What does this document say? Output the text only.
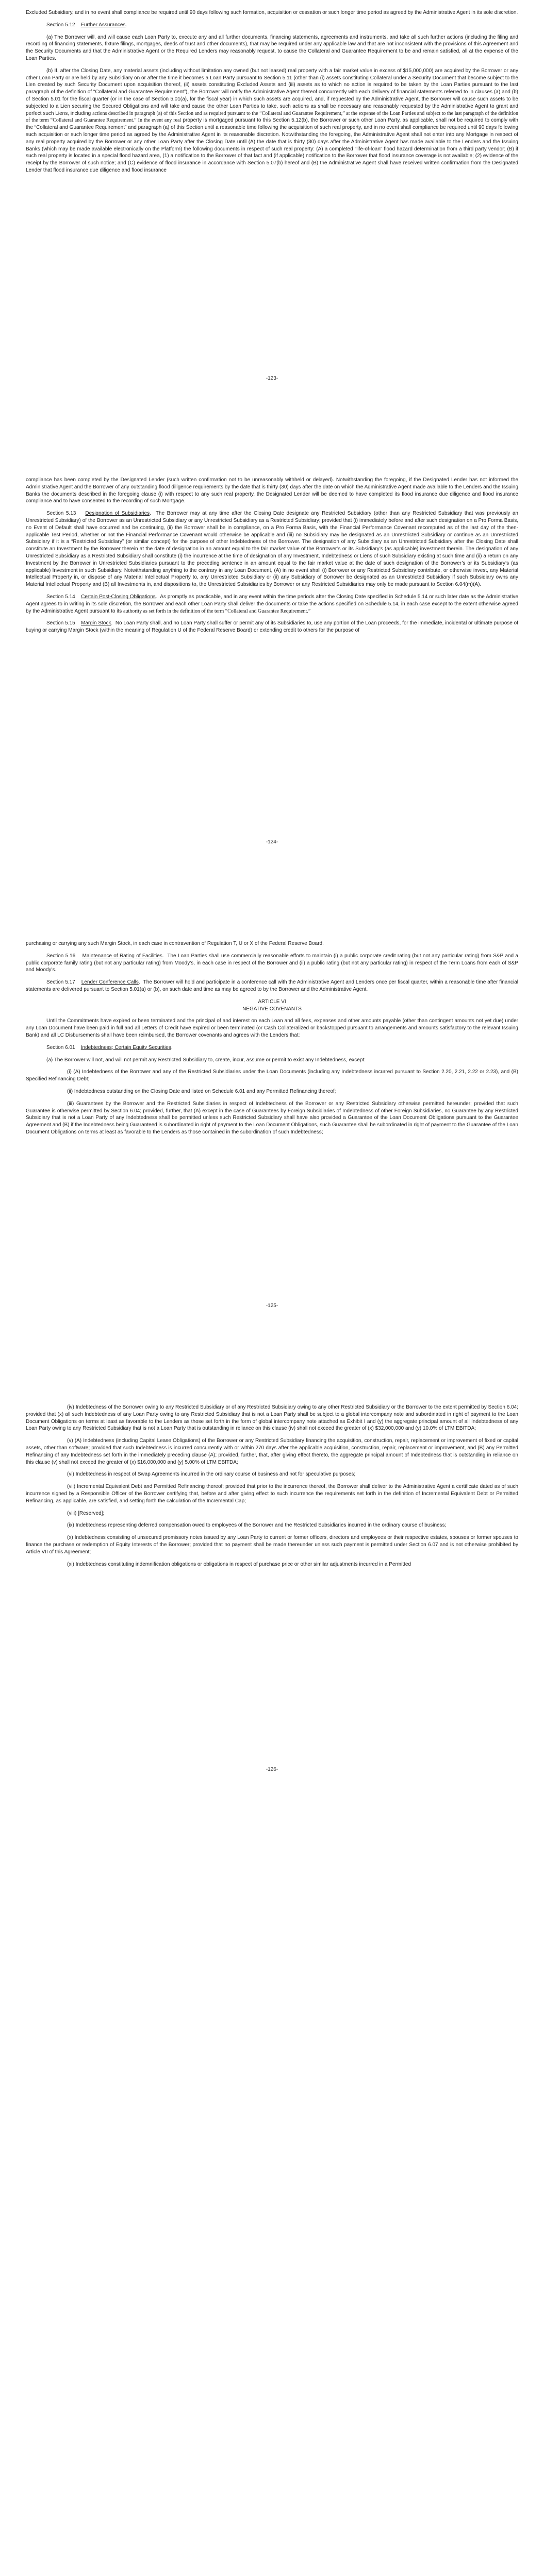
Excluded Subsidiary, and in no event shall compliance be required until 90 days following such formation, acquisition or cessation or such longer time period as agreed by the Administrative Agent in its sole discretion.

Section 5.12 Further Assurances.

(a) The Borrower will, and will cause each Loan Party to, execute any and all further documents, financing statements, agreements and instruments, and take all such further actions (including the filing and recording of financing statements, fixture filings, mortgages, deeds of trust and other documents), that may be required under any applicable law and that are not inconsistent with the provisions of this Agreement and the Security Documents and that the Administrative Agent or the Required Lenders may reasonably request, to cause the Collateral and Guarantee Requirement to be and remain satisfied, all at the expense of the Loan Parties.

(b) If, after the Closing Date, any material assets (including without limitation any owned (but not leased) real property with a fair market value in excess of $15,000,000) are acquired by the Borrower or any other Loan Party or are held by any Subsidiary on or after the time it becomes a Loan Party pursuant to Section 5.11 (other than (i) assets constituting Collateral under a Security Document that become subject to the Lien created by such Security Document upon acquisition thereof, (ii) assets constituting Excluded Assets and (iii) assets as to which no action is required to be taken by the Loan Parties pursuant to the last paragraph of the definition of “Collateral and Guarantee Requirement”), the Borrower will notify the Administrative Agent thereof concurrently with each delivery of financial statements referred to in clauses (a) and (b) of Section 5.01 for the fiscal quarter (or in the case of Section 5.01(a), for the fiscal year) in which such assets are acquired, and, if requested by the Administrative Agent, the Borrower will cause such assets to be subjected to a Lien securing the Secured Obligations and will take and cause the other Loan Parties to take, such actions as shall be necessary and reasonably requested by the Administrative Agent to grant and perfect such Liens, including actions described in paragraph (a) of this Section and as required pursuant to the “Collateral and Guarantee Requirement,” at the expense of the Loan Parties and subject to the last paragraph of the definition of the term “Collateral and Guarantee Requirement.” In the event any real property is mortgaged pursuant to this Section 5.12(b), the Borrower or such other Loan Party, as applicable, shall not be required to comply with the “Collateral and Guarantee Requirement” and paragraph (a) of this Section until a reasonable time following the acquisition of such real property, and in no event shall compliance be required until 90 days following such acquisition or such longer time period as agreed by the Administrative Agent in its reasonable discretion. Notwithstanding the foregoing, the Administrative Agent shall not enter into any Mortgage in respect of any real property acquired by the Borrower or any other Loan Party after the Closing Date until (A) the date that is thirty (30) days after the Administrative Agent has made available to the Lenders and the Issuing Banks (which may be made available electronically on the Platform) the following documents in respect of such real property: (A) a completed “life-of-loan” flood hazard determination from a third party vendor; (B) if such real property is located in a special flood hazard area, (1) a notification to the Borrower of that fact and (if applicable) notification to the Borrower that flood insurance coverage is not available; (2) evidence of the receipt by the Borrower of such notice; and (C) evidence of flood insurance in accordance with Section 5.07(b) hereof and (B) the Administrative Agent shall have received written confirmation from the Designated Lender that flood insurance due diligence and flood insurance

-123-

compliance has been completed by the Designated Lender (such written confirmation not to be unreasonably withheld or delayed). Notwithstanding the foregoing, if the Designated Lender has not informed the Administrative Agent and the Borrower of any outstanding flood diligence requirements by the date that is thirty (30) days after the date on which the Administrative Agent made available to the Lenders and the Issuing Banks the documents described in the foregoing clause (i) with respect to any such real property, the Designated Lender will be deemed to have completed its flood insurance due diligence and flood insurance compliance and to have consented to the recording of such Mortgage.

Section 5.13 Designation of Subsidiaries.  The Borrower may at any time after the Closing Date designate any Restricted Subsidiary (other than any Restricted Subsidiary that was previously an Unrestricted Subsidiary) of the Borrower as an Unrestricted Subsidiary or any Unrestricted Subsidiary as a Restricted Subsidiary; provided that (i) immediately before and after such designation on a Pro Forma Basis, no Event of Default shall have occurred and be continuing, (ii) the Borrower shall be in compliance, on a Pro Forma Basis, with the Financial Performance Covenant recomputed as of the last day of the then-applicable Test Period, whether or not the Financial Performance Covenant would otherwise be applicable and (iii) no Subsidiary may be designated as an Unrestricted Subsidiary or continue as an Unrestricted Subsidiary if it is a “Restricted Subsidiary” (or similar concept) for the purpose of other Indebtedness of the Borrower. The designation of any Subsidiary as an Unrestricted Subsidiary after the Closing Date shall constitute an Investment by the Borrower therein at the date of designation in an amount equal to the fair market value of the Borrower’s or its Subsidiary’s (as applicable) investment therein. The designation of any Unrestricted Subsidiary as a Restricted Subsidiary shall constitute (i) the incurrence at the time of designation of any Investment, Indebtedness or Liens of such Subsidiary existing at such time and (ii) a return on any Investment by the Borrower in Unrestricted Subsidiaries pursuant to the preceding sentence in an amount equal to the fair market value at the date of such designation of the Borrower’s or its Subsidiary’s (as applicable) Investment in such Subsidiary. Notwithstanding anything to the contrary in any Loan Document, (A) in no event shall (i) Borrower or any Restricted Subsidiary contribute, or otherwise invest, any Material Intellectual Property in, or dispose of any Material Intellectual Property to, any Unrestricted Subsidiary or (ii) any Subsidiary of Borrower be designated as an Unrestricted Subsidiary if such Subsidiary owns any Material Intellectual Property and (B) all Investments in, and dispositions to, the Unrestricted Subsidiaries by Borrower or any Restricted Subsidiaries may only be made pursuant to Section 6.04(m)(A).

Section 5.14 Certain Post-Closing Obligations.  As promptly as practicable, and in any event within the time periods after the Closing Date specified in Schedule 5.14 or such later date as the Administrative Agent agrees to in writing in its sole discretion, the Borrower and each other Loan Party shall deliver the documents or take the actions specified on Schedule 5.14, in each case except to the extent otherwise agreed by the Administrative Agent pursuant to its authority as set forth in the definition of the term “Collateral and Guarantee Requirement.”

Section 5.15 Margin Stock.  No Loan Party shall, and no Loan Party shall suffer or permit any of its Subsidiaries to, use any portion of the Loan proceeds, for the immediate, incidental or ultimate purpose of buying or carrying Margin Stock (within the meaning of Regulation U of the Federal Reserve Board) or extending credit to others for the purpose of

-124-

purchasing or carrying any such Margin Stock, in each case in contravention of Regulation T, U or X of the Federal Reserve Board.

Section 5.16 Maintenance of Rating of Facilities.  The Loan Parties shall use commercially reasonable efforts to maintain (i) a public corporate credit rating (but not any particular rating) from S&P and a public corporate family rating (but not any particular rating) from Moody’s, in each case in respect of the Borrower and (ii) a public rating (but not any particular rating) in respect of the Term Loans from each of S&P and Moody’s.

Section 5.17 Lender Conference Calls.  The Borrower will hold and participate in a conference call with the Administrative Agent and Lenders once per fiscal quarter, within a reasonable time after financial statements are delivered pursuant to Section 5.01(a) or (b), on such date and time as may be agreed to by the Borrower and the Administrative Agent.

ARTICLE VI

NEGATIVE COVENANTS

Until the Commitments have expired or been terminated and the principal of and interest on each Loan and all fees, expenses and other amounts payable (other than contingent amounts not yet due) under any Loan Document have been paid in full and all Letters of Credit have expired or been terminated (or Cash Collateralized or backstopped pursuant to arrangements and amounts satisfactory to the relevant Issuing Bank) and all LC Disbursements shall have been reimbursed, the Borrower covenants and agrees with the Lenders that:

Section 6.01 Indebtedness; Certain Equity Securities.

(a) The Borrower will not, and will not permit any Restricted Subsidiary to, create, incur, assume or permit to exist any Indebtedness, except:

(i) (A) Indebtedness of the Borrower and any of the Restricted Subsidiaries under the Loan Documents (including any Indebtedness incurred pursuant to Section 2.20, 2.21, 2.22 or 2.23), and (B) Specified Refinancing Debt;

(ii) Indebtedness outstanding on the Closing Date and listed on Schedule 6.01 and any Permitted Refinancing thereof;

(iii) Guarantees by the Borrower and the Restricted Subsidiaries in respect of Indebtedness of the Borrower or any Restricted Subsidiary otherwise permitted hereunder; provided that such Guarantee is otherwise permitted by Section 6.04; provided, further, that (A) except in the case of Guarantees by Foreign Subsidiaries of Indebtedness of other Foreign Subsidiaries, no Guarantee by any Restricted Subsidiary that is not a Loan Party of any Indebtedness shall be permitted unless such Restricted Subsidiary shall have also provided a Guarantee of the Loan Document Obligations pursuant to the Guarantee Agreement and (B) if the Indebtedness being Guaranteed is subordinated in right of payment to the Loan Document Obligations, such Guarantee shall be subordinated in right of payment to the Guarantee of the Loan Document Obligations on terms at least as favorable to the Lenders as those contained in the subordination of such Indebtedness;

-125-

(iv) Indebtedness of the Borrower owing to any Restricted Subsidiary or of any Restricted Subsidiary owing to any other Restricted Subsidiary or the Borrower to the extent permitted by Section 6.04; provided that (x) all such Indebtedness of any Loan Party owing to any Restricted Subsidiary that is not a Loan Party shall be subject to a global intercompany note and subordinated in right of payment to the Loan Document Obligations on terms at least as favorable to the Lenders as those set forth in the form of global intercompany note attached as Exhibit I and (y) the aggregate principal amount of all Indebtedness of any Loan Party owing to any Restricted Subsidiary that is not a Loan Party that is outstanding in reliance on this clause (iv) shall not exceed the greater of (x) $32,000,000 and (y) 10.0% of LTM EBITDA;

(v) (A) Indebtedness (including Capital Lease Obligations) of the Borrower or any Restricted Subsidiary financing the acquisition, construction, repair, replacement or improvement of fixed or capital assets, other than software; provided that such Indebtedness is incurred concurrently with or within 270 days after the applicable acquisition, construction, repair, replacement or improvement, and (B) any Permitted Refinancing of any Indebtedness set forth in the immediately preceding clause (A); provided, further, that, after giving effect thereto, the aggregate principal amount of Indebtedness that is outstanding in reliance on this clause (v) shall not exceed the greater of (x) $16,000,000 and (y) 5.00% of LTM EBITDA;

(vi) Indebtedness in respect of Swap Agreements incurred in the ordinary course of business and not for speculative purposes;

(vii) Incremental Equivalent Debt and Permitted Refinancing thereof; provided that prior to the incurrence thereof, the Borrower shall deliver to the Administrative Agent a certificate dated as of such incurrence signed by a Responsible Officer of the Borrower certifying that, before and after giving effect to such incurrence the requirements set forth in the definition of Incremental Equivalent Debt or Permitted Refinancing, as applicable, are satisfied, and setting forth the calculation of the Incremental Cap;

(viii) [Reserved];

(ix) Indebtedness representing deferred compensation owed to employees of the Borrower and the Restricted Subsidiaries incurred in the ordinary course of business;

(x) Indebtedness consisting of unsecured promissory notes issued by any Loan Party to current or former officers, directors and employees or their respective estates, spouses or former spouses to finance the purchase or redemption of Equity Interests of the Borrower; provided that no payment shall be made thereunder unless such payment is permitted under Section 6.07 and is not otherwise prohibited by Article VII of this Agreement;

(xi) Indebtedness constituting indemnification obligations or obligations in respect of purchase price or other similar adjustments incurred in a Permitted

-126-
